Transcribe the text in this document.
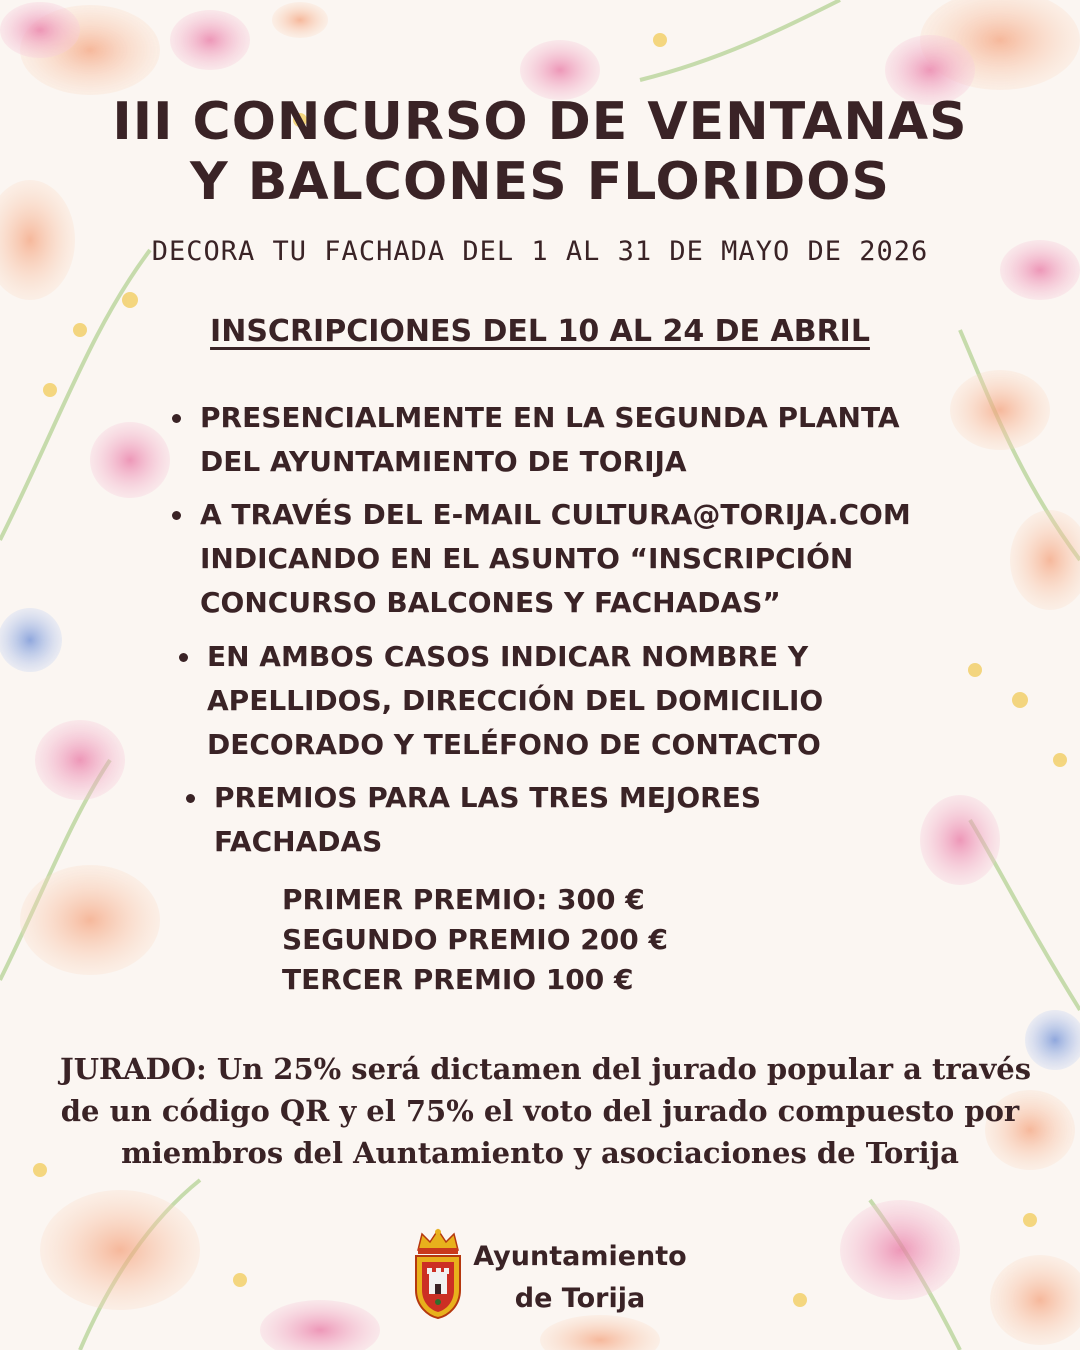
III CONCURSO DE VENTANAS
Y BALCONES FLORIDOS
DECORA TU FACHADA DEL 1 AL 31 DE MAYO DE 2026
INSCRIPCIONES DEL 10 AL 24 DE ABRIL
PRESENCIALMENTE EN LA SEGUNDA PLANTA
DEL AYUNTAMIENTO DE TORIJA
A TRAVÉS DEL E-MAIL CULTURA@TORIJA.COM
INDICANDO EN EL ASUNTO “INSCRIPCIÓN
CONCURSO BALCONES Y FACHADAS”
EN AMBOS CASOS INDICAR NOMBRE Y
APELLIDOS, DIRECCIÓN DEL DOMICILIO
DECORADO Y TELÉFONO DE CONTACTO
PREMIOS PARA LAS TRES MEJORES
FACHADAS
PRIMER PREMIO: 300 €
SEGUNDO PREMIO 200 €
TERCER PREMIO 100 €
JURADO: Un 25% será dictamen del jurado popular a través
de un código QR y el 75% el voto del jurado compuesto por
miembros del Auntamiento y asociaciones de Torija
Ayuntamiento
de Torija
